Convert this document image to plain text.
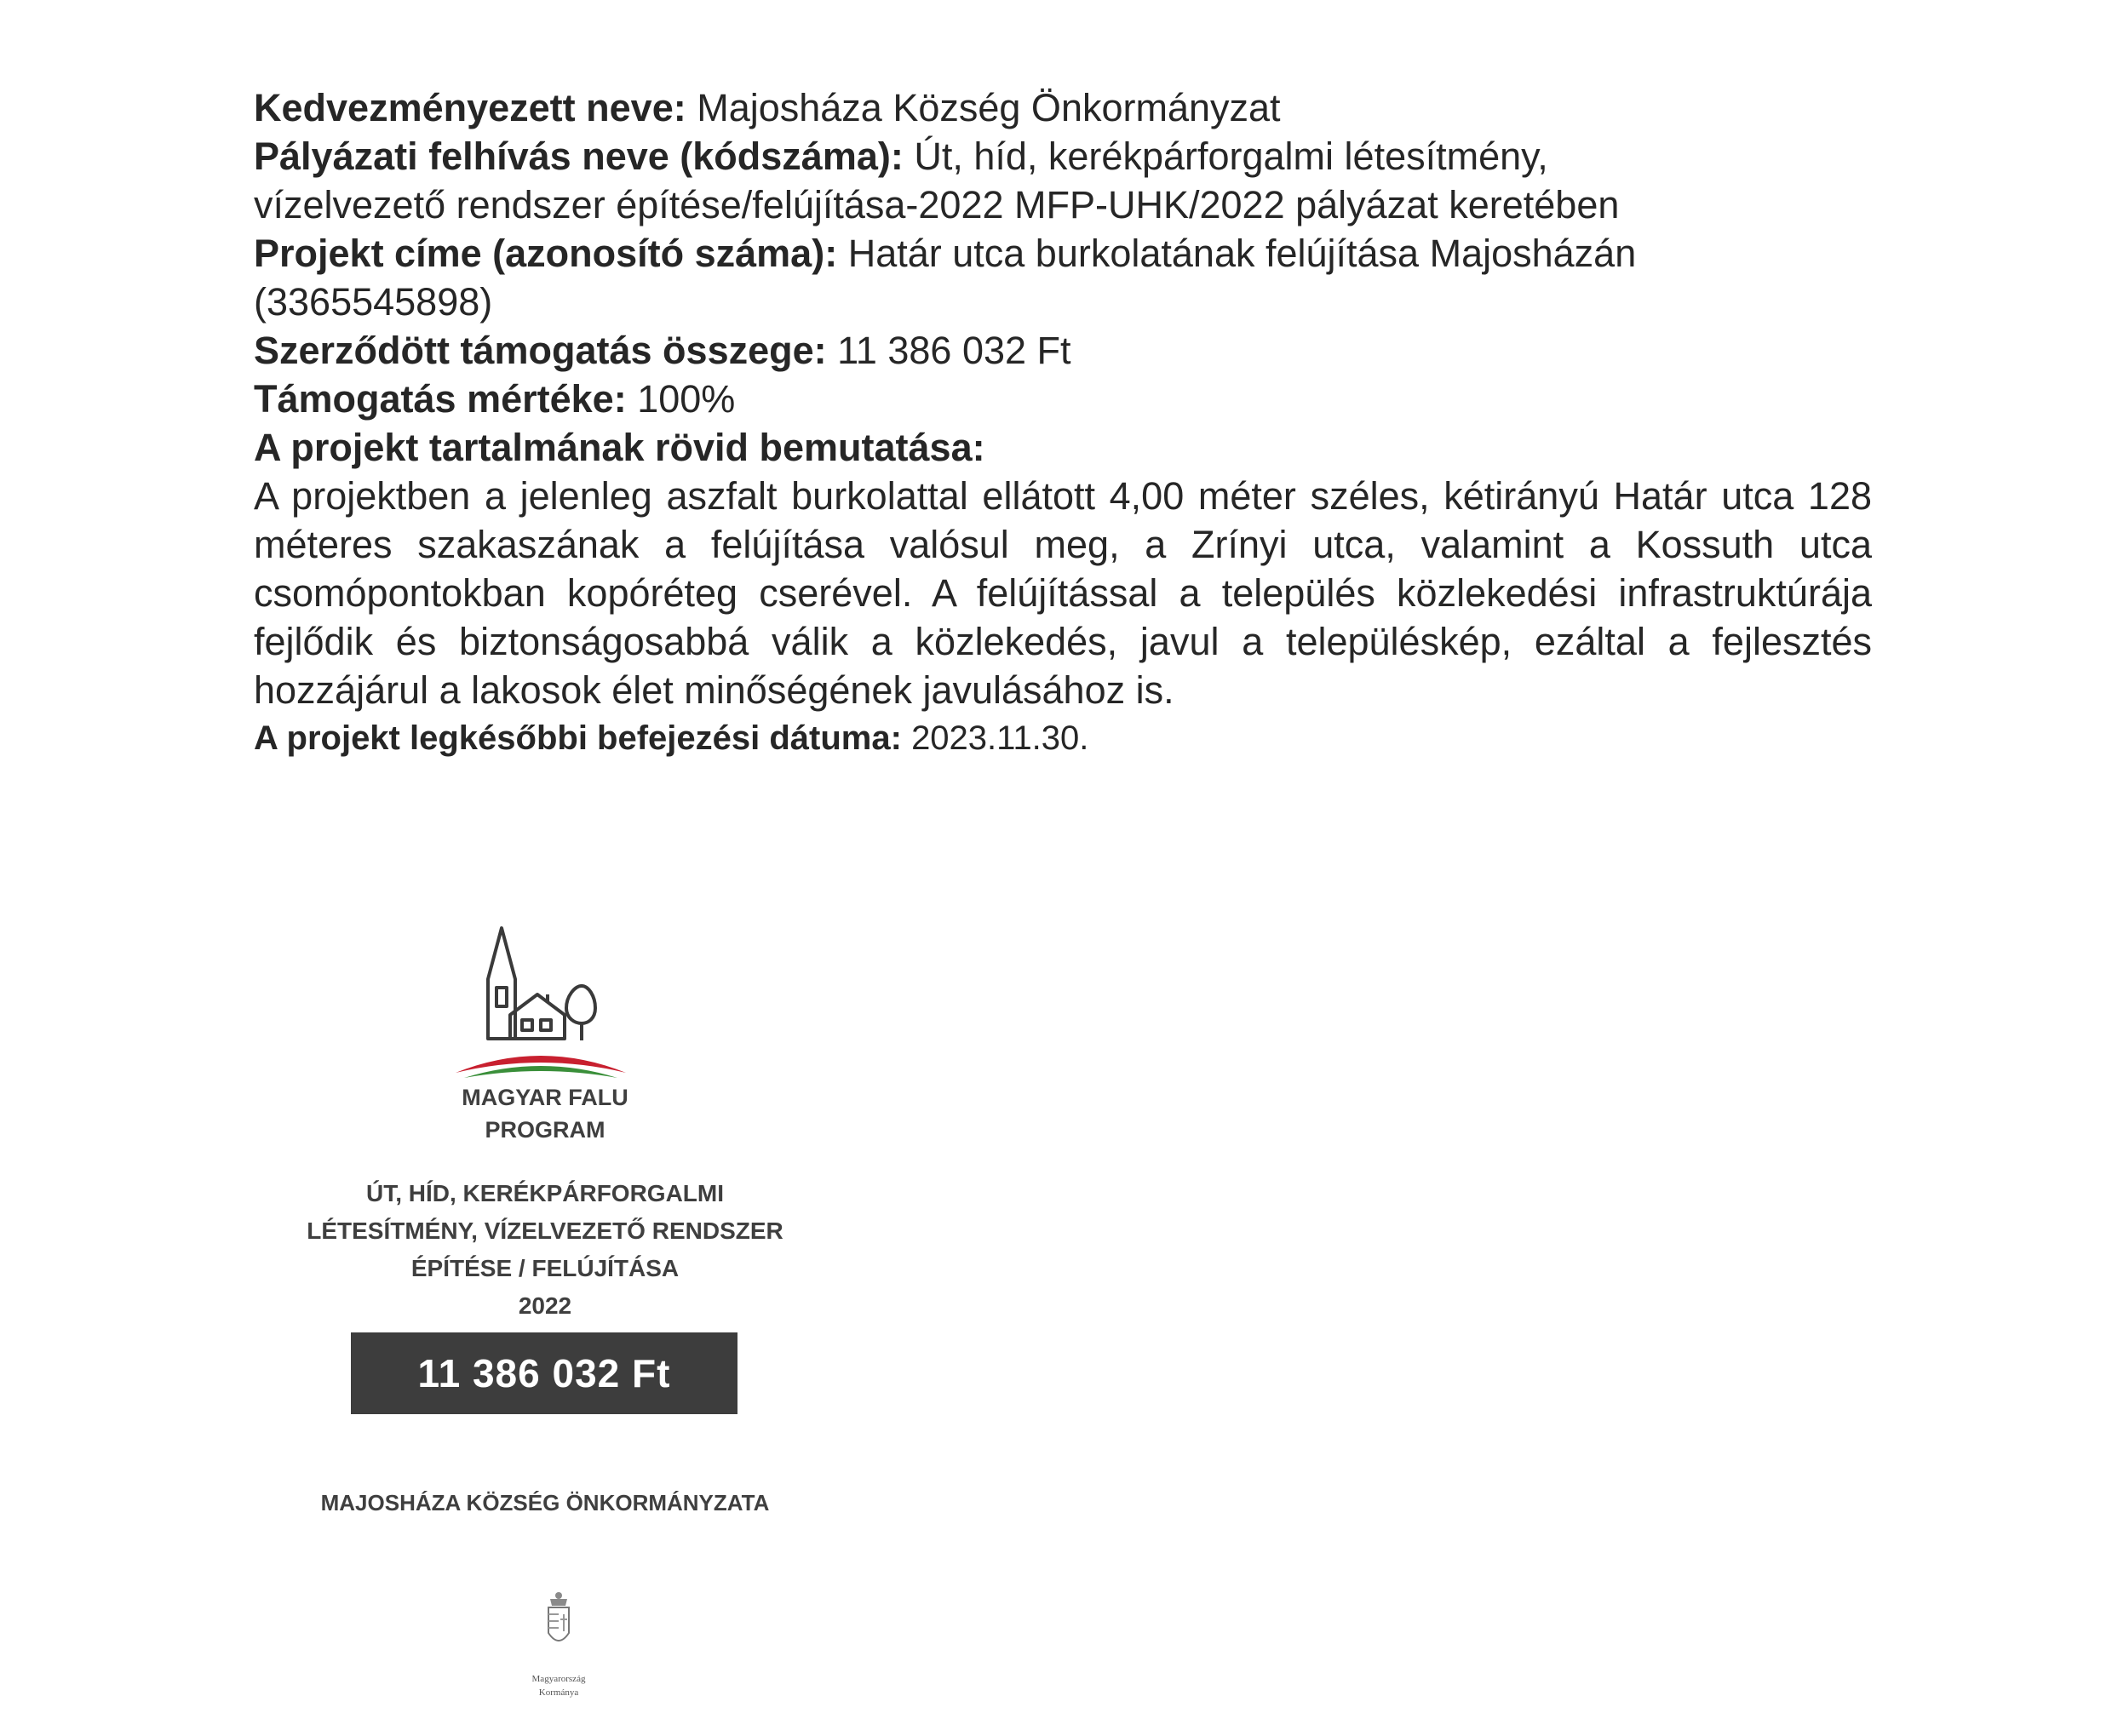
Kedvezményezett neve: Majosháza Község Önkormányzat
Pályázati felhívás neve (kódszáma): Út, híd, kerékpárforgalmi létesítmény,
vízelvezető rendszer építése/felújítása-2022 MFP-UHK/2022 pályázat keretében
Projekt címe (azonosító száma): Határ utca burkolatának felújítása Majosházán
(3365545898)
Szerződött támogatás összege: 11 386 032 Ft
Támogatás mértéke: 100%
A projekt tartalmának rövid bemutatása:
A projektben a jelenleg aszfalt burkolattal ellátott 4,00 méter széles, kétirányú Határ utca 128 méteres szakaszának a felújítása valósul meg, a Zrínyi utca, valamint a Kossuth utca csomópontokban kopóréteg cserével. A felújítással a település közlekedési infrastruktúrája fejlődik és biztonságosabbá válik a közlekedés, javul a településkép, ezáltal a fejlesztés hozzájárul a lakosok élet minőségének javulásához is.
A projekt legkésőbbi befejezési dátuma: 2023.11.30.
MAGYAR FALU
PROGRAM
ÚT, HÍD, KERÉKPÁRFORGALMI
LÉTESÍTMÉNY, VÍZELVEZETŐ RENDSZER
ÉPÍTÉSE / FELÚJÍTÁSA
2022
11 386 032 Ft
MAJOSHÁZA KÖZSÉG ÖNKORMÁNYZATA
Magyarország
Kormánya
